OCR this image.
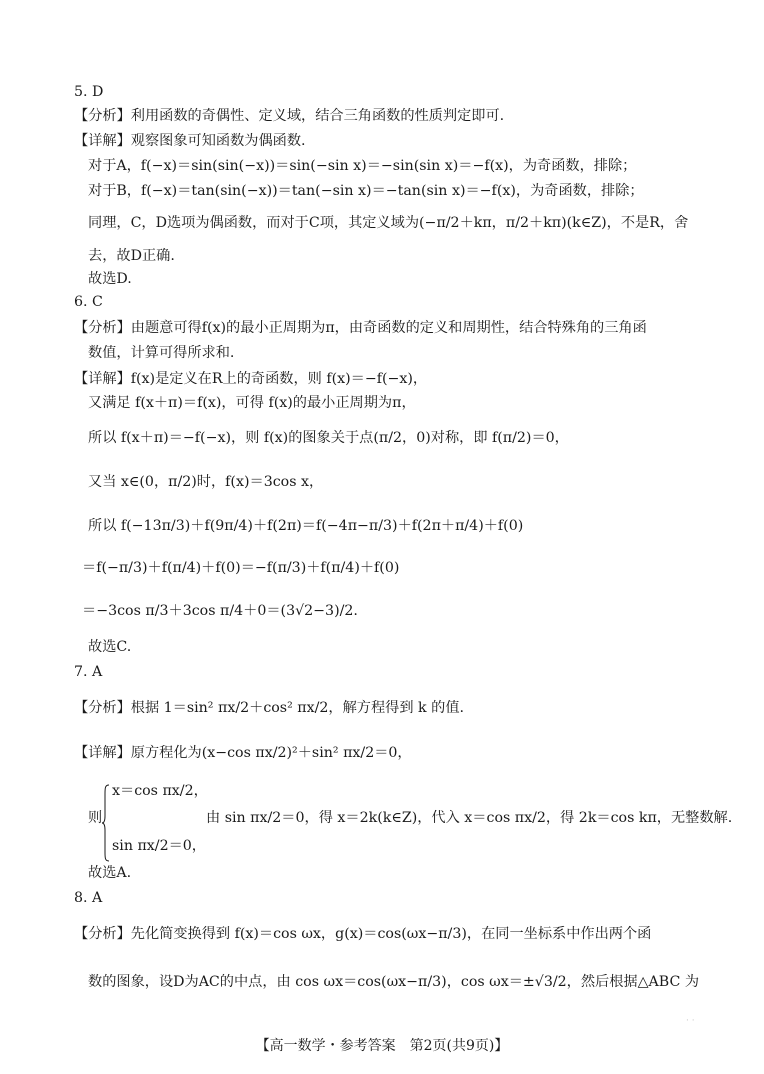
5. D
【分析】利用函数的奇偶性、定义域，结合三角函数的性质判定即可.
【详解】观察图象可知函数为偶函数.
对于A，f(−x)＝sin(sin(−x))＝sin(−sin x)＝−sin(sin x)＝−f(x)，为奇函数，排除；
对于B，f(−x)＝tan(sin(−x))＝tan(−sin x)＝−tan(sin x)＝−f(x)，为奇函数，排除；
同理，C，D选项为偶函数，而对于C项，其定义域为(−π/2＋kπ，π/2＋kπ)(k∈Z)，不是R，舍
去，故D正确.
故选D.
6. C
【分析】由题意可得f(x)的最小正周期为π，由奇函数的定义和周期性，结合特殊角的三角函
数值，计算可得所求和.
【详解】f(x)是定义在R上的奇函数，则 f(x)＝−f(−x)，
又满足 f(x＋π)＝f(x)，可得 f(x)的最小正周期为π，
所以 f(x＋π)＝−f(−x)，则 f(x)的图象关于点(π/2，0)对称，即 f(π/2)＝0，
又当 x∈(0，π/2)时，f(x)＝3cos x，
所以 f(−13π/3)＋f(9π/4)＋f(2π)＝f(−4π−π/3)＋f(2π＋π/4)＋f(0)
＝f(−π/3)＋f(π/4)＋f(0)＝−f(π/3)＋f(π/4)＋f(0)
＝−3cos π/3＋3cos π/4＋0＝(3√2−3)/2.
故选C.
7. A
【分析】根据 1＝sin² πx/2＋cos² πx/2，解方程得到 k 的值.
【详解】原方程化为(x−cos πx/2)²＋sin² πx/2＝0，
x＝cos πx/2，
则	由 sin πx/2＝0，得 x＝2k(k∈Z)，代入 x＝cos πx/2，得 2k＝cos kπ，无整数解.
sin πx/2＝0，
故选A.
8. A
【分析】先化简变换得到 f(x)＝cos ωx，g(x)＝cos(ωx−π/3)，在同一坐标系中作出两个函
数的图象，设D为AC的中点，由 cos ωx＝cos(ωx−π/3)，cos ωx＝±√3/2，然后根据△ABC 为
· ·
【高一数学・参考答案　第2页(共9页)】
